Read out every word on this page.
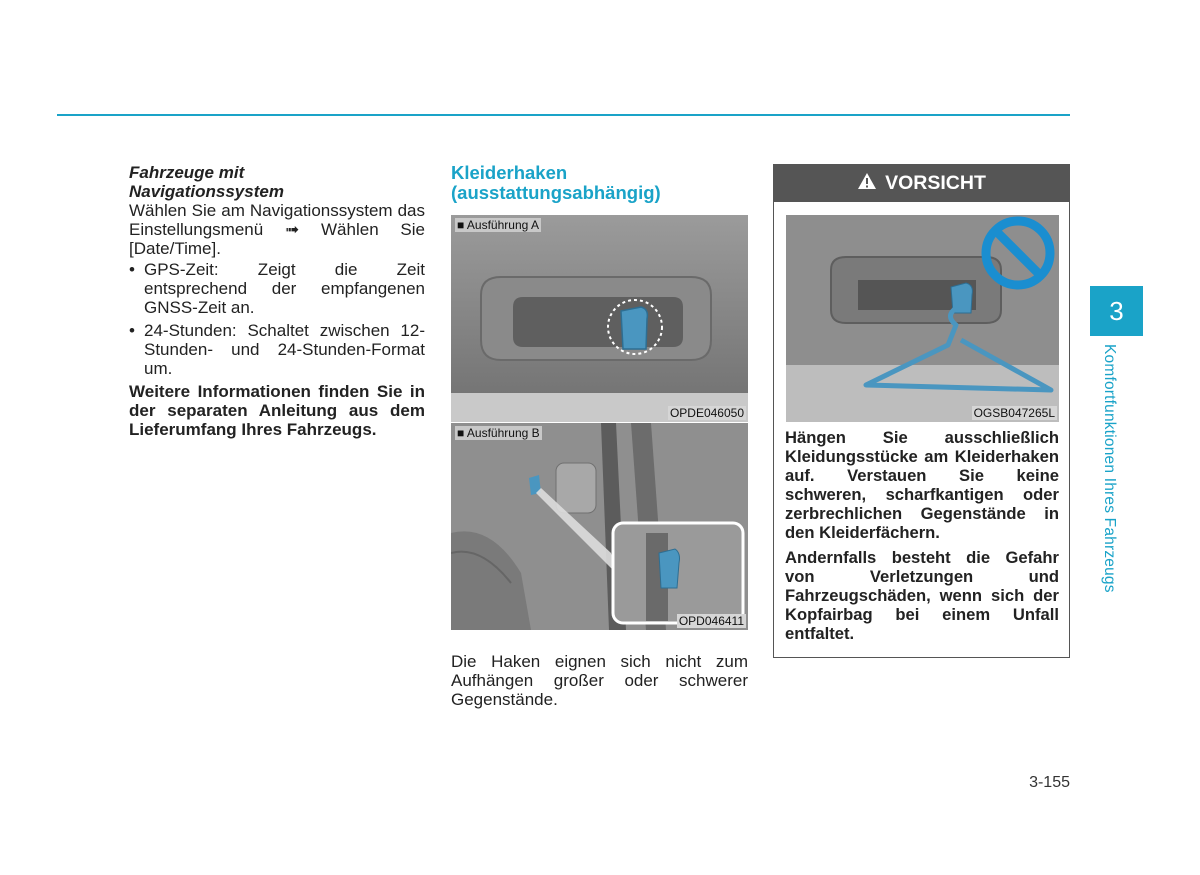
Fahrzeuge mit
Navigationssystem

Wählen Sie am Navigationssystem das Einstellungsmenü ➟ Wählen Sie [Date/Time].

• GPS-Zeit: Zeigt die Zeit entsprechend der empfangenen GNSS-Zeit an.
• 24-Stunden: Schaltet zwischen 12-Stunden- und 24-Stunden-Format um.

Weitere Informationen finden Sie in der separaten Anleitung aus dem Lieferumfang Ihres Fahrzeugs.

Kleiderhaken
(ausstattungsabhängig)
■ Ausführung A
OPDE046050
■ Ausführung B
OPD046411

Die Haken eignen sich nicht zum Aufhängen großer oder schwerer Gegenstände.

VORSICHT
OGSB047265L

Hängen Sie ausschließlich Kleidungsstücke am Kleiderhaken auf. Verstauen Sie keine schweren, scharfkantigen oder zerbrechlichen Gegenstände in den Kleiderfächern.

Andernfalls besteht die Gefahr von Verletzungen und Fahrzeugschäden, wenn sich der Kopfairbag bei einem Unfall entfaltet.

3
Komfortfunktionen Ihres Fahrzeugs
3-155
